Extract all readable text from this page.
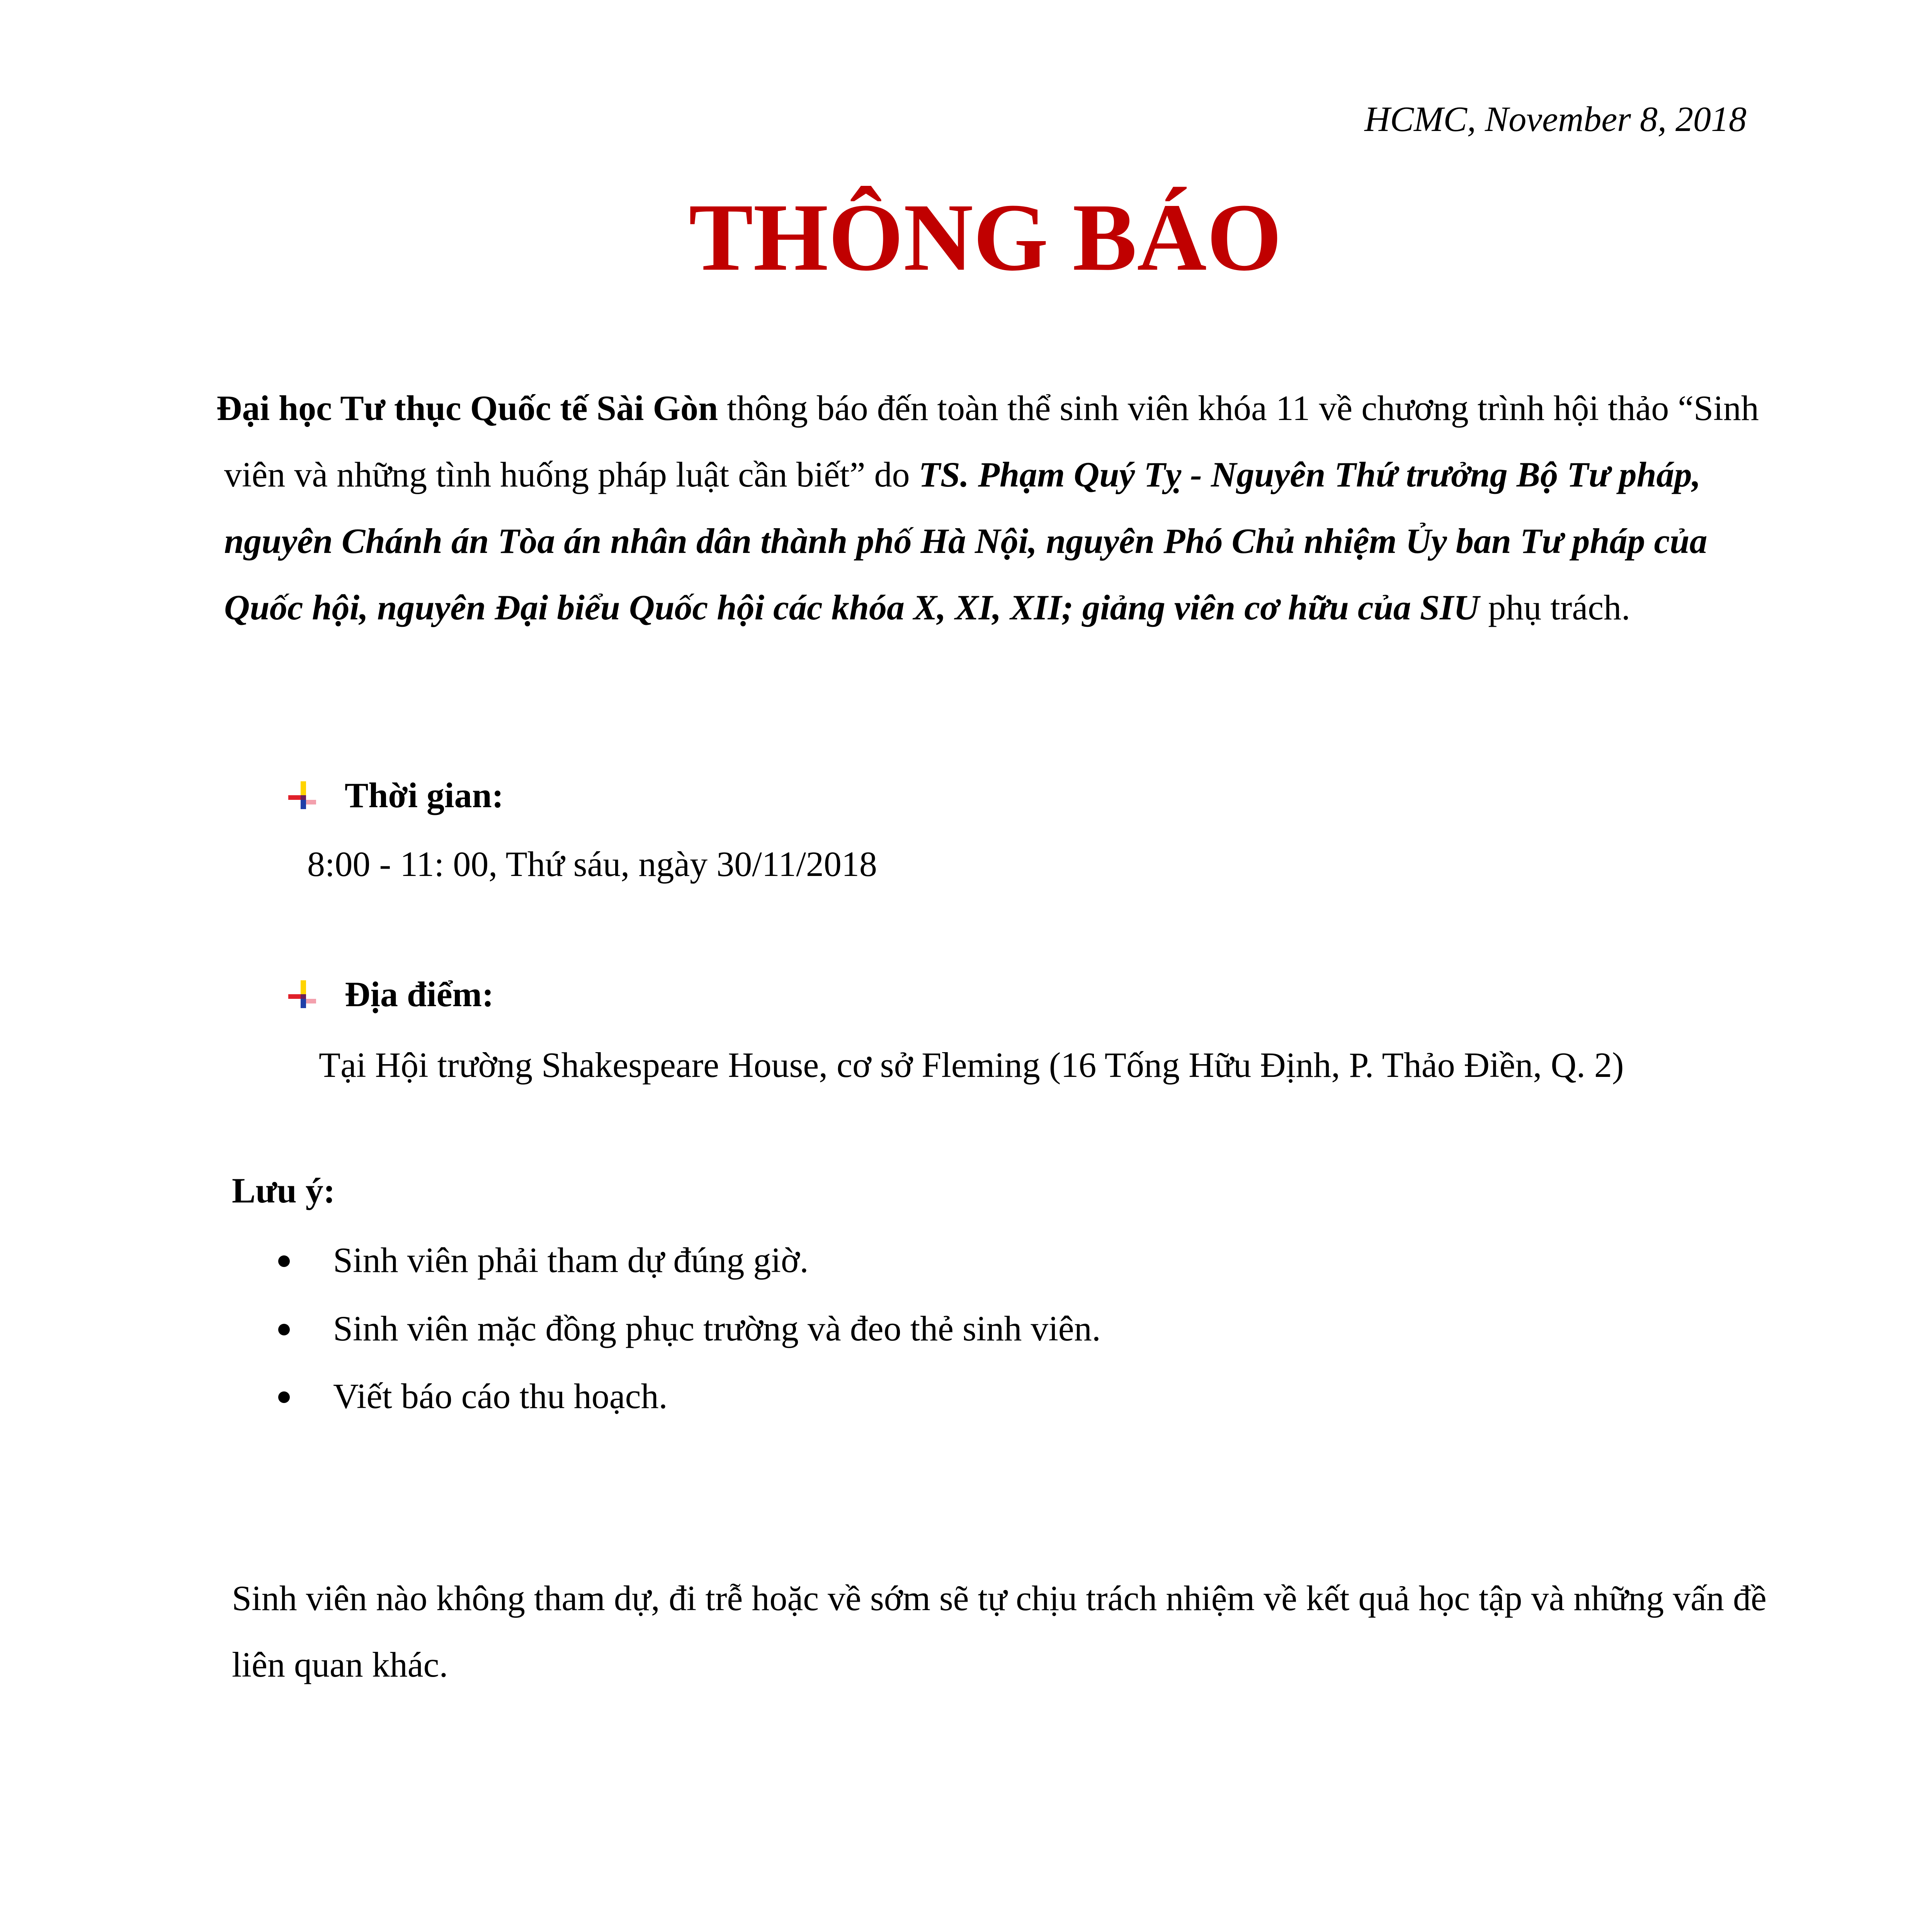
HCMC, November 8, 2018
THÔNG BÁO
Đại học Tư thục Quốc tế Sài Gòn thông báo đến toàn thể sinh viên khóa 11 về chương trình hội thảo “Sinh viên và những tình huống pháp luật cần biết” do TS. Phạm Quý Tỵ - Nguyên Thứ trưởng Bộ Tư pháp, nguyên Chánh án Tòa án nhân dân thành phố Hà Nội, nguyên Phó Chủ nhiệm Ủy ban Tư pháp của Quốc hội, nguyên Đại biểu Quốc hội các khóa X, XI, XII; giảng viên cơ hữu của SIU phụ trách.
Thời gian:
8:00 - 11: 00, Thứ sáu, ngày 30/11/2018
Địa điểm:
Tại Hội trường Shakespeare House, cơ sở Fleming (16 Tống Hữu Định, P. Thảo Điền, Q. 2)
Lưu ý:
Sinh viên phải tham dự đúng giờ.
Sinh viên mặc đồng phục trường và đeo thẻ sinh viên.
Viết báo cáo thu hoạch.
Sinh viên nào không tham dự, đi trễ hoặc về sớm sẽ tự chịu trách nhiệm về kết quả học tập và những vấn đề liên quan khác.
